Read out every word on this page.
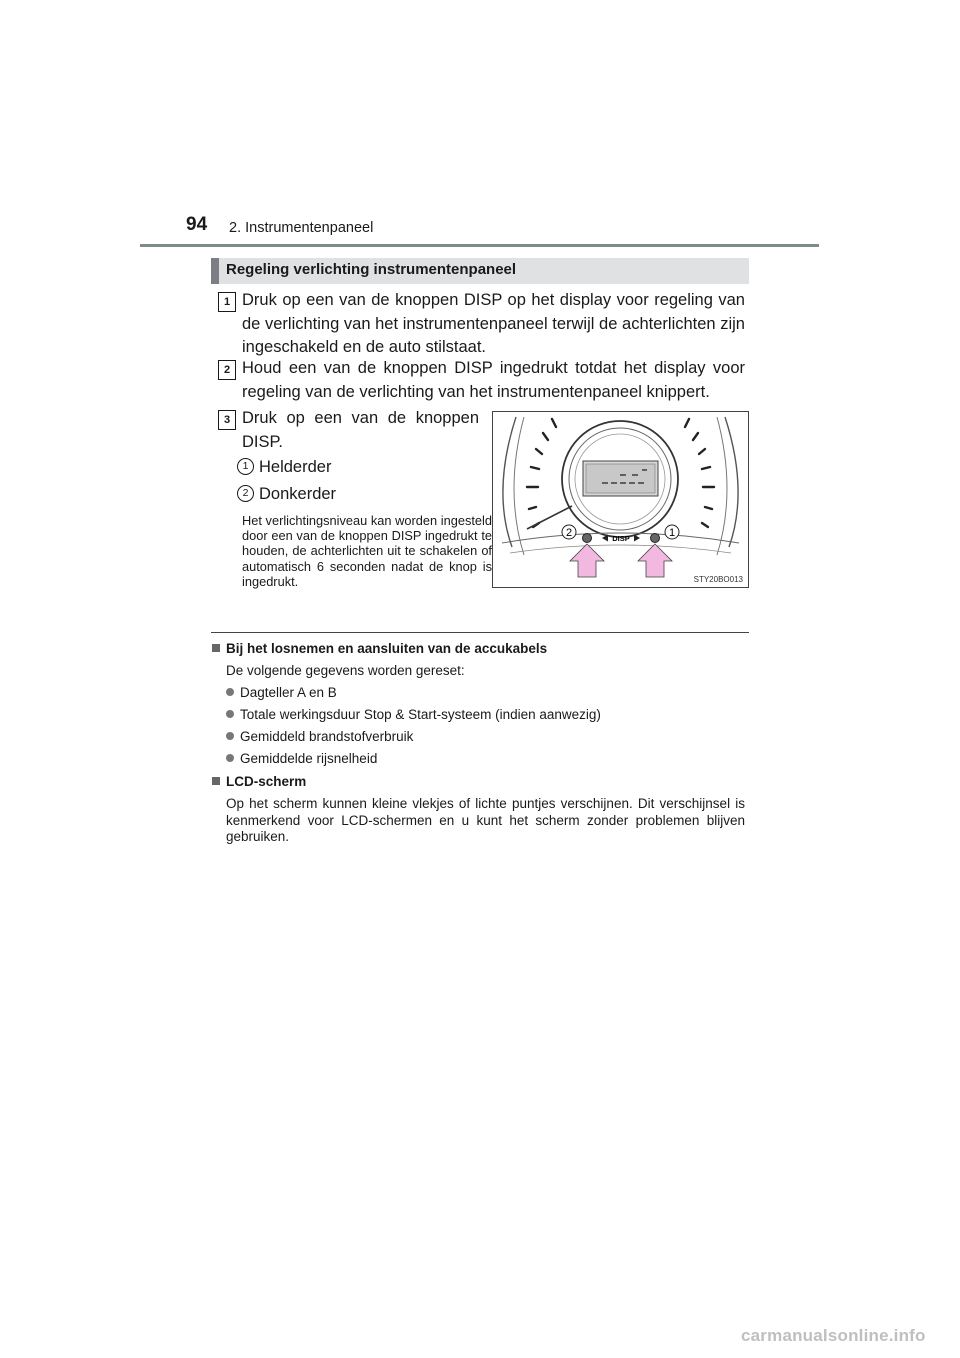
94 2. Instrumentenpaneel
Regeling verlichting instrumentenpaneel
1 Druk op een van de knoppen DISP op het display voor regeling van de verlichting van het instrumentenpaneel terwijl de achterlichten zijn ingeschakeld en de auto stilstaat.
2 Houd een van de knoppen DISP ingedrukt totdat het display voor regeling van de verlichting van het instrumentenpaneel knippert.
3 Druk op een van de knoppen DISP.
1 Helderder
2 Donkerder
Het verlichtingsniveau kan worden ingesteld door een van de knoppen DISP ingedrukt te houden, de achterlichten uit te schakelen of automatisch 6 seconden nadat de knop is ingedrukt.
DISP
2	1
STY20BO013
Bij het losnemen en aansluiten van de accukabels
De volgende gegevens worden gereset:
Dagteller A en B
Totale werkingsduur Stop & Start-systeem (indien aanwezig)
Gemiddeld brandstofverbruik
Gemiddelde rijsnelheid
LCD-scherm
Op het scherm kunnen kleine vlekjes of lichte puntjes verschijnen. Dit verschijnsel is kenmerkend voor LCD-schermen en u kunt het scherm zonder problemen blijven gebruiken.
carmanualsonline.info
